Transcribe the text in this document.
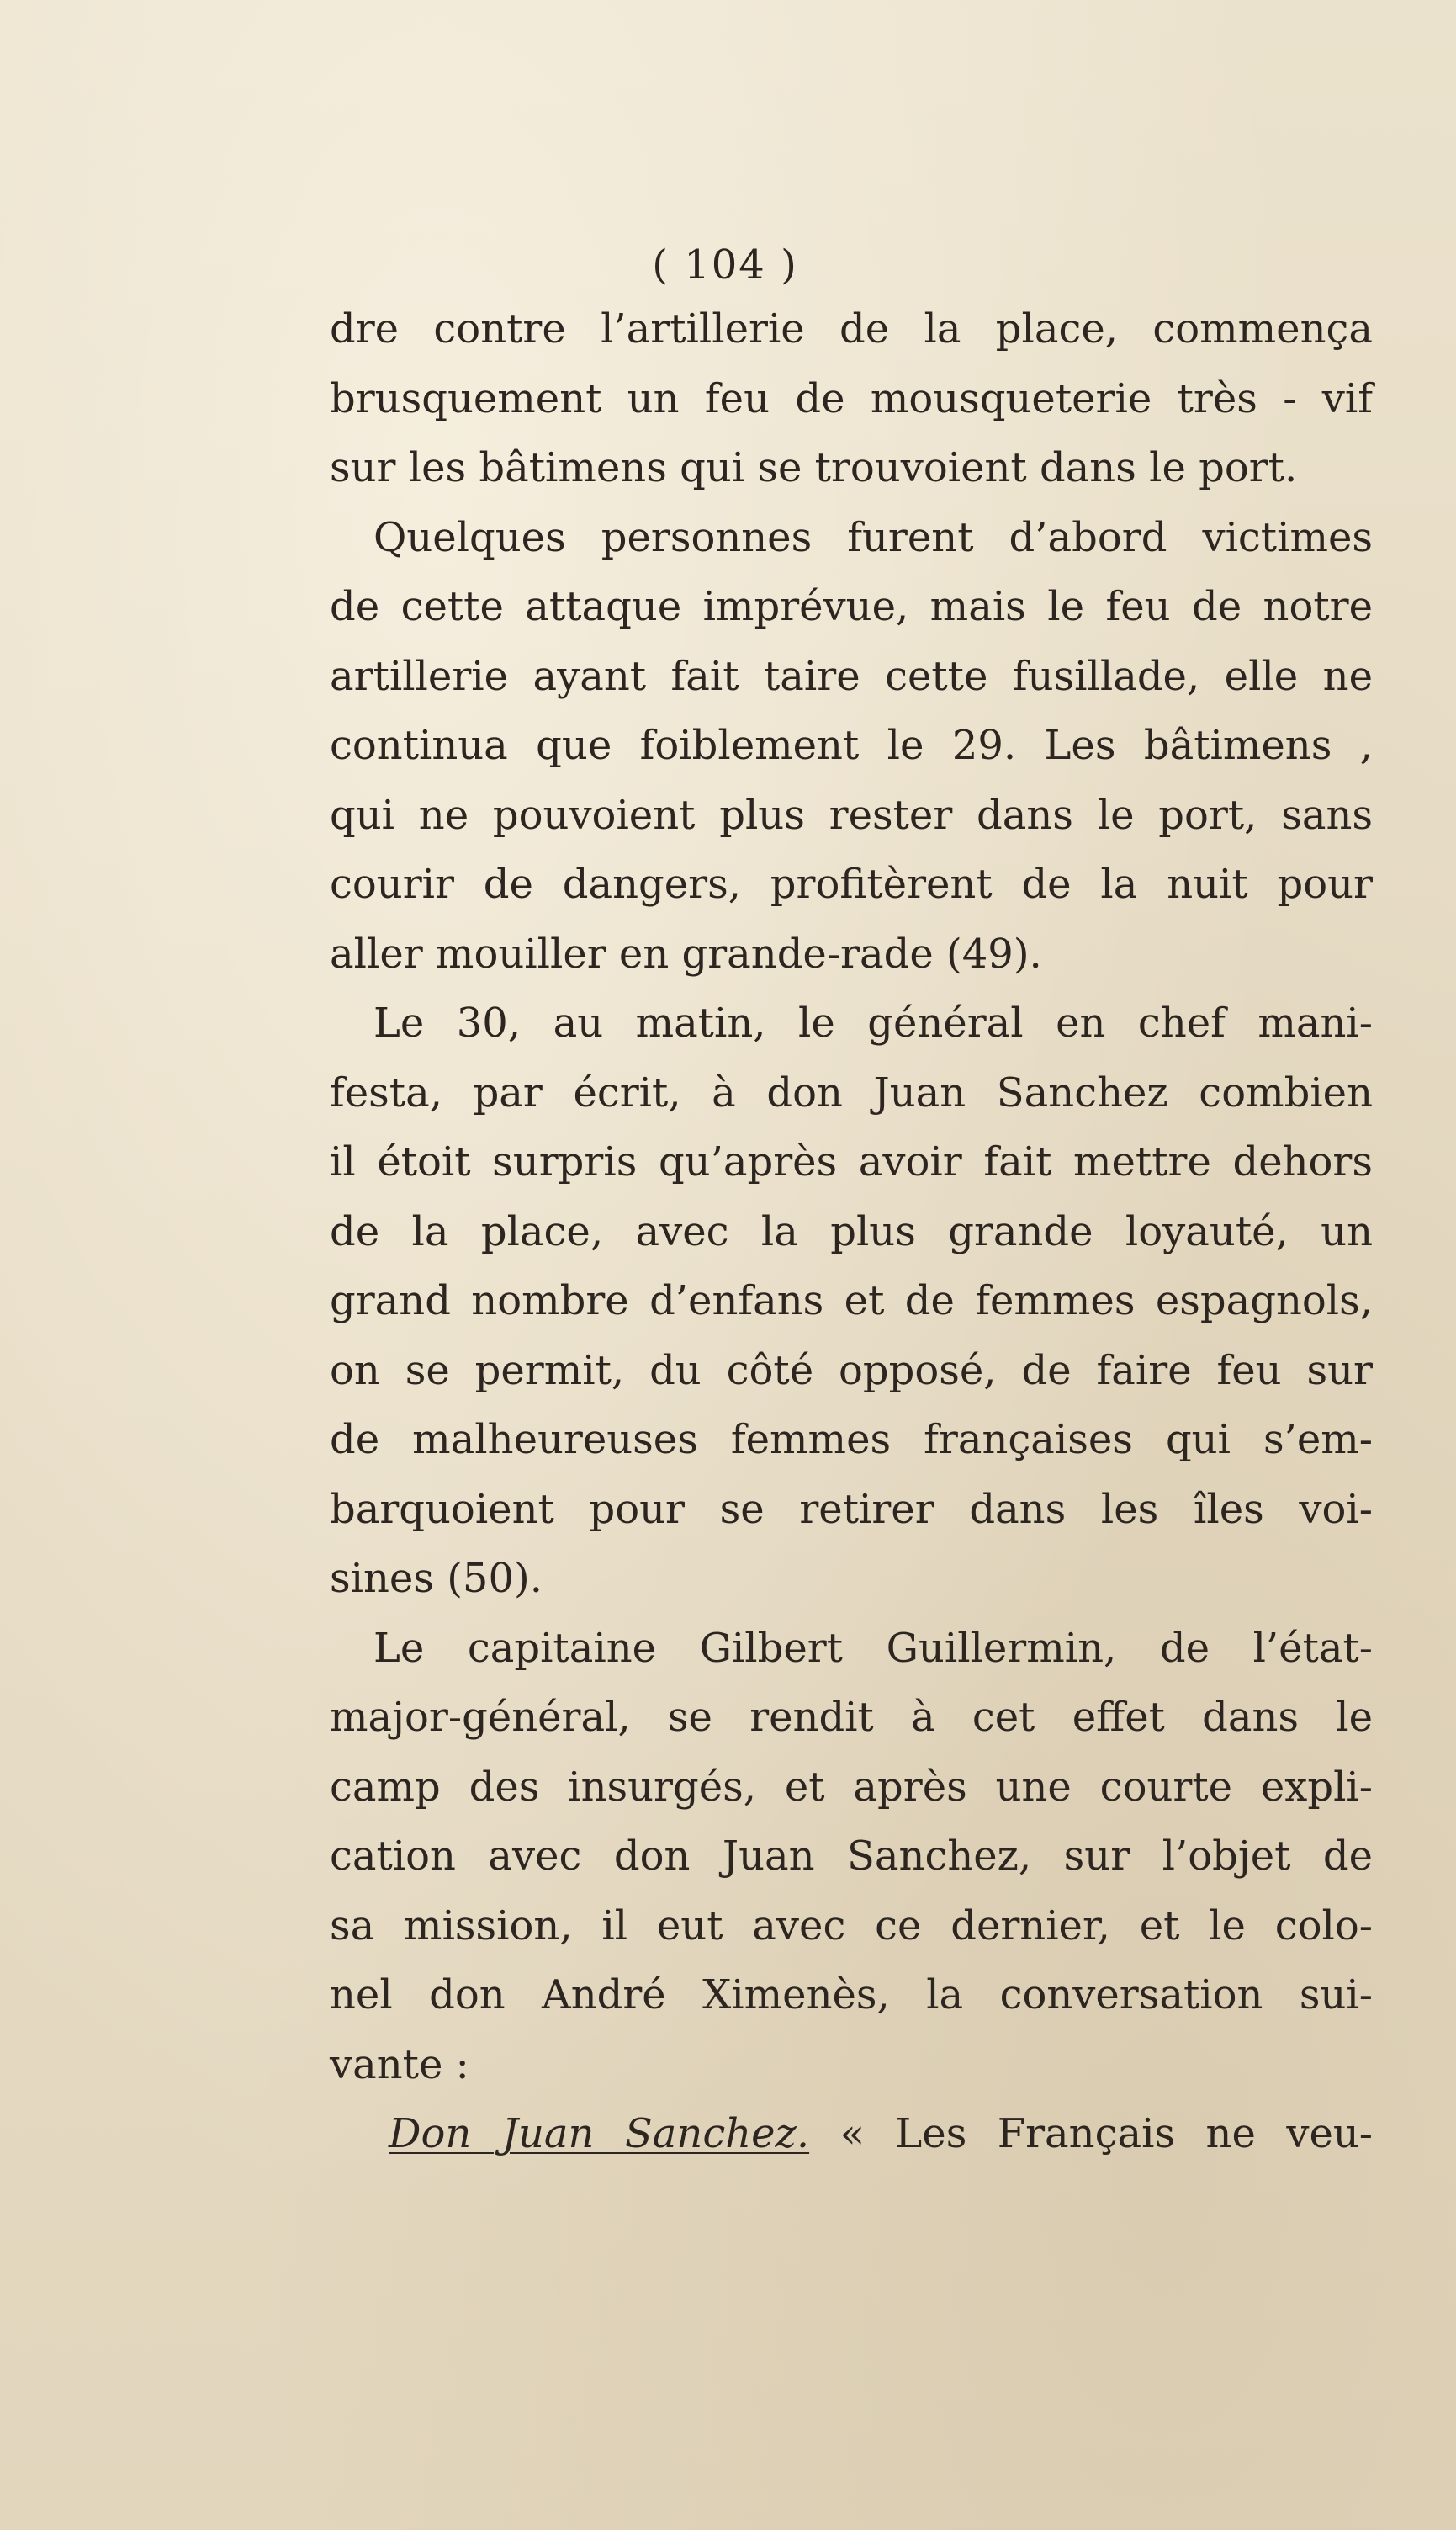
( 104 )
dre contre l’artillerie de la place, commença
brusquement un feu de mousqueterie très - vif
sur les bâtimens qui se trouvoient dans le port.
Quelques personnes furent d’abord victimes
de cette attaque imprévue, mais le feu de notre
artillerie ayant fait taire cette fusillade, elle ne
continua que foiblement le 29. Les bâtimens ,
qui ne pouvoient plus rester dans le port, sans
courir de dangers, profitèrent de la nuit pour
aller mouiller en grande-rade (49).
Le 30, au matin, le général en chef mani-
festa, par écrit, à don Juan Sanchez combien
il étoit surpris qu’après avoir fait mettre dehors
de la place, avec la plus grande loyauté, un
grand nombre d’enfans et de femmes espagnols,
on se permit, du côté opposé, de faire feu sur
de malheureuses femmes françaises qui s’em-
barquoient pour se retirer dans les îles voi-
sines (50).
Le capitaine Gilbert Guillermin, de l’état-
major-général, se rendit à cet effet dans le
camp des insurgés, et après une courte expli-
cation avec don Juan Sanchez, sur l’objet de
sa mission, il eut avec ce dernier, et le colo-
nel don André Ximenès, la conversation sui-
vante :
Don Juan Sanchez. « Les Français ne veu-
